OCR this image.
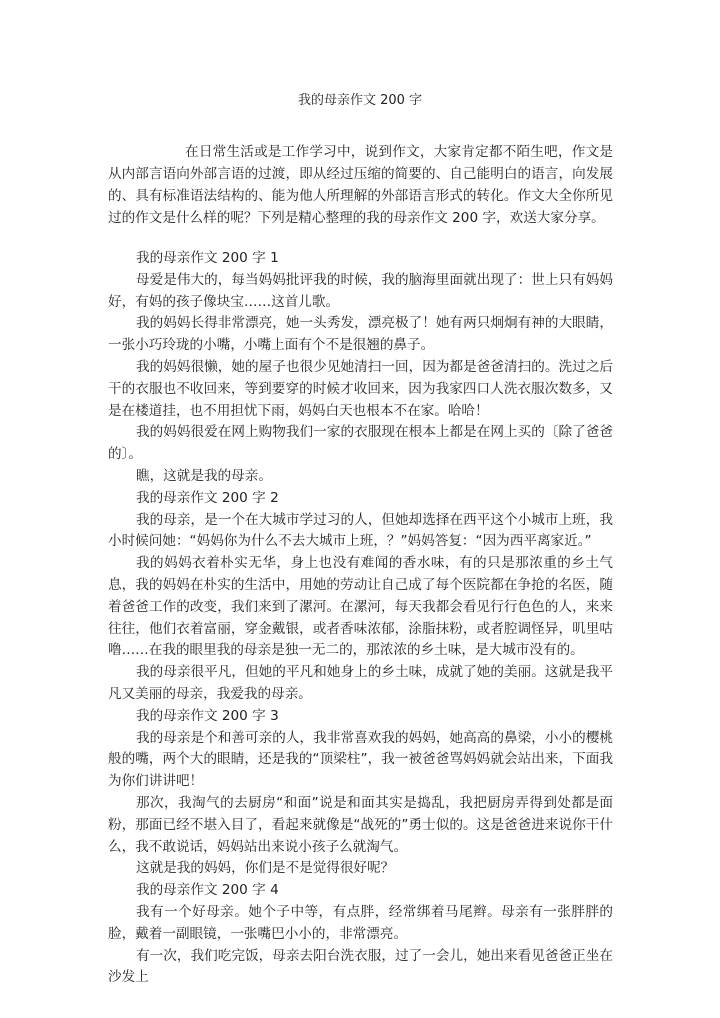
我的母亲作文 200 字

在日常生活或是工作学习中，说到作文，大家肯定都不陌生吧，作文是从内部言语向外部言语的过渡，即从经过压缩的简要的、自己能明白的语言，向发展的、具有标准语法结构的、能为他人所理解的外部语言形式的转化。作文大全你所见过的作文是什么样的呢？下列是精心整理的我的母亲作文 200 字，欢送大家分享。

我的母亲作文 200 字 1

母爱是伟大的，每当妈妈批评我的时候，我的脑海里面就出现了：世上只有妈妈好，有妈的孩子像块宝……这首儿歌。

我的妈妈长得非常漂亮，她一头秀发，漂亮极了！她有两只炯炯有神的大眼睛，一张小巧玲珑的小嘴，小嘴上面有个不是很翘的鼻子。

我的妈妈很懒，她的屋子也很少见她清扫一回，因为都是爸爸清扫的。洗过之后干的衣服也不收回来，等到要穿的时候才收回来，因为我家四口人洗衣服次数多，又是在楼道挂，也不用担忧下雨，妈妈白天也根本不在家。哈哈！

我的妈妈很爱在网上购物我们一家的衣服现在根本上都是在网上买的〔除了爸爸的〕。

瞧，这就是我的母亲。

我的母亲作文 200 字 2

我的母亲，是一个在大城市学过习的人，但她却选择在西平这个小城市上班，我小时候问她：“妈妈你为什么不去大城市上班，？”妈妈答复：“因为西平离家近。”

我的妈妈衣着朴实无华，身上也没有难闻的香水味，有的只是那浓重的乡土气息，我的妈妈在朴实的生活中，用她的劳动让自己成了每个医院都在争抢的名医，随着爸爸工作的改变，我们来到了漯河。在漯河，每天我都会看见行行色色的人，来来往往，他们衣着富丽，穿金戴银，或者香味浓郁，涂脂抹粉，或者腔调怪异，叽里咕噜……在我的眼里我的母亲是独一无二的，那浓浓的乡土味，是大城市没有的。

我的母亲很平凡，但她的平凡和她身上的乡土味，成就了她的美丽。这就是我平凡又美丽的母亲，我爱我的母亲。

我的母亲作文 200 字 3

我的母亲是个和善可亲的人，我非常喜欢我的妈妈，她高高的鼻梁，小小的樱桃般的嘴，两个大的眼睛，还是我的“顶梁柱”，我一被爸爸骂妈妈就会站出来，下面我为你们讲讲吧！

那次，我淘气的去厨房“和面”说是和面其实是捣乱，我把厨房弄得到处都是面粉，那面已经不堪入目了，看起来就像是“战死的”勇士似的。这是爸爸进来说你干什么，我不敢说话，妈妈站出来说小孩子么就淘气。

这就是我的妈妈，你们是不是觉得很好呢？

我的母亲作文 200 字 4

我有一个好母亲。她个子中等，有点胖，经常绑着马尾辫。母亲有一张胖胖的脸，戴着一副眼镜，一张嘴巴小小的，非常漂亮。

有一次，我们吃完饭，母亲去阳台洗衣服，过了一会儿，她出来看见爸爸正坐在沙发上
